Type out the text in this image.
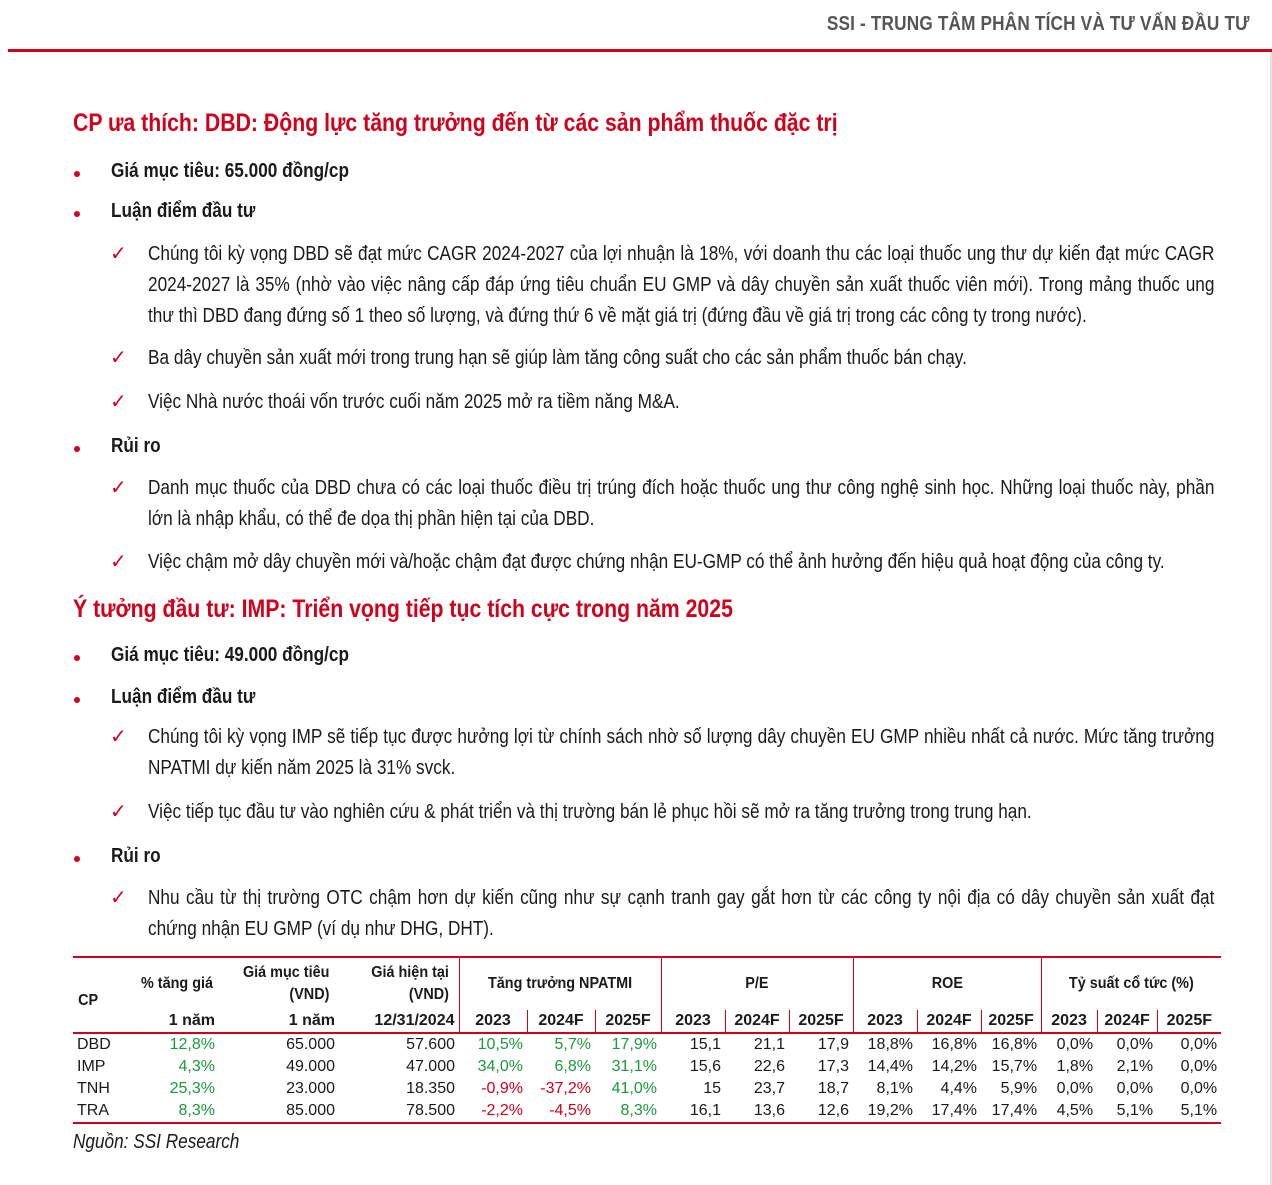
SSI - TRUNG TÂM PHÂN TÍCH VÀ TƯ VẤN ĐẦU TƯ
CP ưa thích: DBD: Động lực tăng trưởng đến từ các sản phẩm thuốc đặc trị
Giá mục tiêu: 65.000 đồng/cp
Luận điểm đầu tư
✓ Chúng tôi kỳ vọng DBD sẽ đạt mức CAGR 2024-2027 của lợi nhuận là 18%, với doanh thu các loại thuốc ung thư dự kiến đạt mức CAGR 2024-2027 là 35% (nhờ vào việc nâng cấp đáp ứng tiêu chuẩn EU GMP và dây chuyền sản xuất thuốc viên mới). Trong mảng thuốc ung thư thì DBD đang đứng số 1 theo số lượng, và đứng thứ 6 về mặt giá trị (đứng đầu về giá trị trong các công ty trong nước).
✓ Ba dây chuyền sản xuất mới trong trung hạn sẽ giúp làm tăng công suất cho các sản phẩm thuốc bán chạy.
✓ Việc Nhà nước thoái vốn trước cuối năm 2025 mở ra tiềm năng M&A.
Rủi ro
✓ Danh mục thuốc của DBD chưa có các loại thuốc điều trị trúng đích hoặc thuốc ung thư công nghệ sinh học. Những loại thuốc này, phần lớn là nhập khẩu, có thể đe dọa thị phần hiện tại của DBD.
✓ Việc chậm mở dây chuyền mới và/hoặc chậm đạt được chứng nhận EU-GMP có thể ảnh hưởng đến hiệu quả hoạt động của công ty.
Ý tưởng đầu tư: IMP: Triển vọng tiếp tục tích cực trong năm 2025
Giá mục tiêu: 49.000 đồng/cp
Luận điểm đầu tư
✓ Chúng tôi kỳ vọng IMP sẽ tiếp tục được hưởng lợi từ chính sách nhờ số lượng dây chuyền EU GMP nhiều nhất cả nước. Mức tăng trưởng NPATMI dự kiến năm 2025 là 31% svck.
✓ Việc tiếp tục đầu tư vào nghiên cứu & phát triển và thị trường bán lẻ phục hồi sẽ mở ra tăng trưởng trong trung hạn.
Rủi ro
✓ Nhu cầu từ thị trường OTC chậm hơn dự kiến cũng như sự cạnh tranh gay gắt hơn từ các công ty nội địa có dây chuyền sản xuất đạt chứng nhận EU GMP (ví dụ như DHG, DHT).
CP	% tăng giá	Giá mục tiêu (VND)	Giá hiện tại (VND)	Tăng trưởng NPATMI			P/E			ROE			Tỷ suất cổ tức (%)		
	1 năm	1 năm	12/31/2024	2023	2024F	2025F	2023	2024F	2025F	2023	2024F	2025F	2023	2024F	2025F
DBD	12,8%	65.000	57.600	10,5%	5,7%	17,9%	15,1	21,1	17,9	18,8%	16,8%	16,8%	0,0%	0,0%	0,0%
IMP	4,3%	49.000	47.000	34,0%	6,8%	31,1%	15,6	22,6	17,3	14,4%	14,2%	15,7%	1,8%	2,1%	0,0%
TNH	25,3%	23.000	18.350	-0,9%	-37,2%	41,0%	15	23,7	18,7	8,1%	4,4%	5,9%	0,0%	0,0%	0,0%
TRA	8,3%	85.000	78.500	-2,2%	-4,5%	8,3%	16,1	13,6	12,6	19,2%	17,4%	17,4%	4,5%	5,1%	5,1%
Nguồn: SSI Research
